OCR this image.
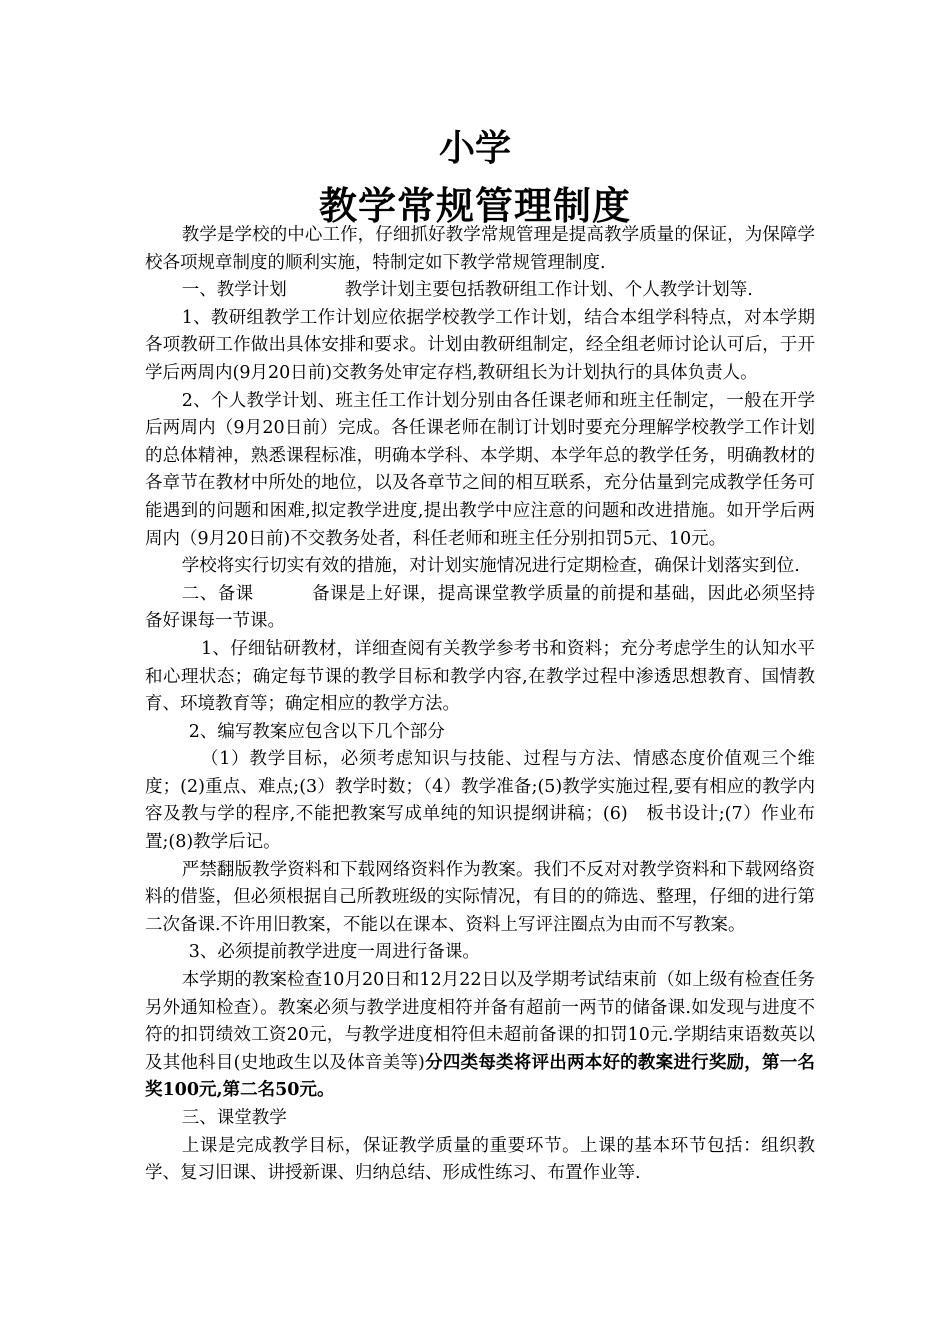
小学
教学常规管理制度

教学是学校的中心工作，仔细抓好教学常规管理是提高教学质量的保证，为保障学校各项规章制度的顺利实施，特制定如下教学常规管理制度.

一、教学计划	教学计划主要包括教研组工作计划、个人教学计划等.

1、教研组教学工作计划应依据学校教学工作计划，结合本组学科特点，对本学期各项教研工作做出具体安排和要求。计划由教研组制定，经全组老师讨论认可后，于开学后两周内(9月20日前)交教务处审定存档,教研组长为计划执行的具体负责人。

2、个人教学计划、班主任工作计划分别由各任课老师和班主任制定，一般在开学后两周内（9月20日前）完成。各任课老师在制订计划时要充分理解学校教学工作计划的总体精神，熟悉课程标准，明确本学科、本学期、本学年总的教学任务，明确教材的各章节在教材中所处的地位，以及各章节之间的相互联系，充分估量到完成教学任务可能遇到的问题和困难,拟定教学进度,提出教学中应注意的问题和改进措施。如开学后两周内（9月20日前)不交教务处者，科任老师和班主任分别扣罚5元、10元。

学校将实行切实有效的措施，对计划实施情况进行定期检查，确保计划落实到位.

二、备课	备课是上好课，提高课堂教学质量的前提和基础，因此必须坚持备好课每一节课。

1、仔细钻研教材，详细查阅有关教学参考书和资料；充分考虑学生的认知水平和心理状态；确定每节课的教学目标和教学内容,在教学过程中渗透思想教育、国情教育、环境教育等；确定相应的教学方法。

2、编写教案应包含以下几个部分

（1）教学目标，必须考虑知识与技能、过程与方法、情感态度价值观三个维度；(2)重点、难点;(3）教学时数；（4）教学准备;(5)教学实施过程,要有相应的教学内容及教与学的程序,不能把教案写成单纯的知识提纲讲稿；(6)　板书设计;(7）作业布置;(8)教学后记。

严禁翻版教学资料和下载网络资料作为教案。我们不反对对教学资料和下载网络资料的借鉴，但必须根据自己所教班级的实际情况，有目的的筛选、整理，仔细的进行第二次备课.不许用旧教案，不能以在课本、资料上写评注圈点为由而不写教案。

3、必须提前教学进度一周进行备课。

本学期的教案检查10月20日和12月22日以及学期考试结束前（如上级有检查任务另外通知检查）。教案必须与教学进度相符并备有超前一两节的储备课.如发现与进度不符的扣罚绩效工资20元，与教学进度相符但未超前备课的扣罚10元.学期结束语数英以及其他科目(史地政生以及体音美等)分四类每类将评出两本好的教案进行奖励，第一名奖100元,第二名50元。

三、课堂教学

上课是完成教学目标，保证教学质量的重要环节。上课的基本环节包括：组织教学、复习旧课、讲授新课、归纳总结、形成性练习、布置作业等.
